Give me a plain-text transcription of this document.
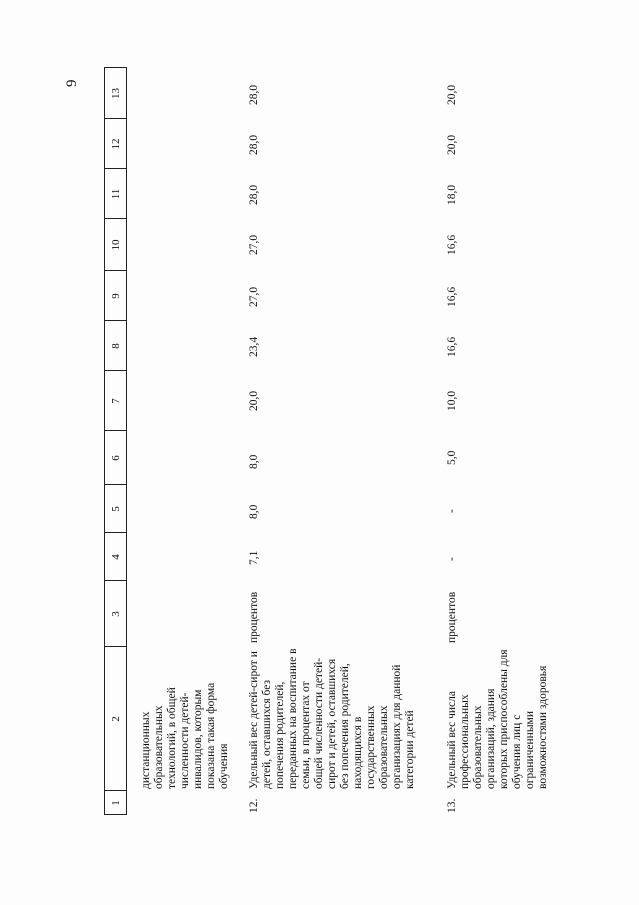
9
1
2
3
4
5
6
7
8
9
10
11
12
13
дистанционных образовательных технологий, в общей численности детей- инвалидов, которым показана такая форма обучения
12.
Удельный вес детей-сирот и детей, оставшихся без попечения родителей, переданных на воспитание в семьи, в процентах от общей численности детей- сирот и детей, оставшихся без попечения родителей, находящихся в государственных образовательных организациях для данной категории детей
процентов
7,1
8,0
8,0
20,0
23,4
27,0
27,0
28,0
28,0
28,0
13.
Удельный вес числа профессиональных образовательных организаций, здания которых приспособлены для обучения лиц с ограниченными возможностями здоровья
процентов
-
-
5,0
10,0
16,6
16,6
16,6
18,0
20,0
20,0
